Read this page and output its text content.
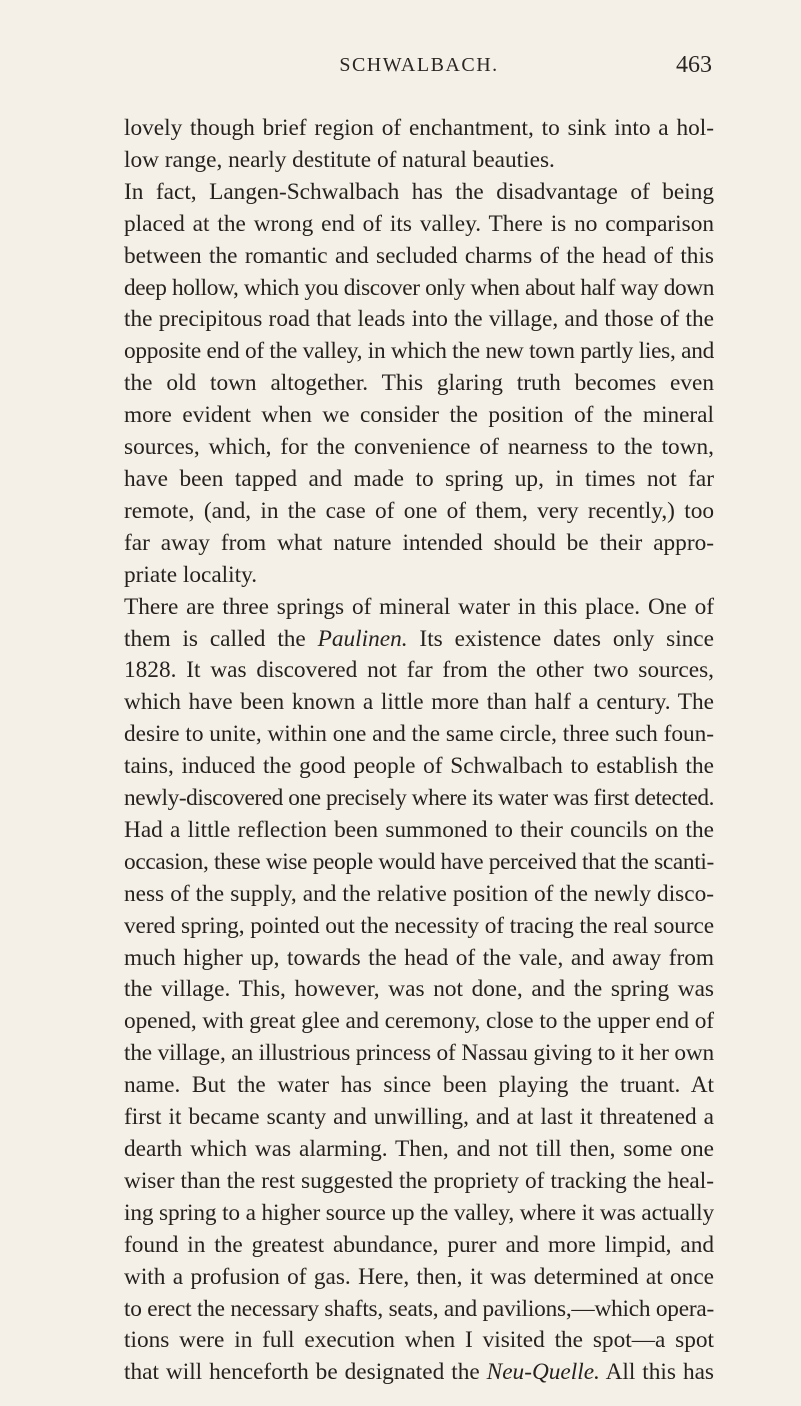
SCHWALBACH.	463
lovely though brief region of enchantment, to sink into a hol-
low range, nearly destitute of natural beauties.
In fact, Langen-Schwalbach has the disadvantage of being
placed at the wrong end of its valley. There is no comparison
between the romantic and secluded charms of the head of this
deep hollow, which you discover only when about half way down
the precipitous road that leads into the village, and those of the
opposite end of the valley, in which the new town partly lies, and
the old town altogether. This glaring truth becomes even
more evident when we consider the position of the mineral
sources, which, for the convenience of nearness to the town,
have been tapped and made to spring up, in times not far
remote, (and, in the case of one of them, very recently,) too
far away from what nature intended should be their appro-
priate locality.
There are three springs of mineral water in this place. One of
them is called the Paulinen. Its existence dates only since
1828. It was discovered not far from the other two sources,
which have been known a little more than half a century. The
desire to unite, within one and the same circle, three such foun-
tains, induced the good people of Schwalbach to establish the
newly-discovered one precisely where its water was first detected.
Had a little reflection been summoned to their councils on the
occasion, these wise people would have perceived that the scanti-
ness of the supply, and the relative position of the newly disco-
vered spring, pointed out the necessity of tracing the real source
much higher up, towards the head of the vale, and away from
the village. This, however, was not done, and the spring was
opened, with great glee and ceremony, close to the upper end of
the village, an illustrious princess of Nassau giving to it her own
name. But the water has since been playing the truant. At
first it became scanty and unwilling, and at last it threatened a
dearth which was alarming. Then, and not till then, some one
wiser than the rest suggested the propriety of tracking the heal-
ing spring to a higher source up the valley, where it was actually
found in the greatest abundance, purer and more limpid, and
with a profusion of gas. Here, then, it was determined at once
to erect the necessary shafts, seats, and pavilions,—which opera-
tions were in full execution when I visited the spot—a spot
that will henceforth be designated the Neu-Quelle. All this has
